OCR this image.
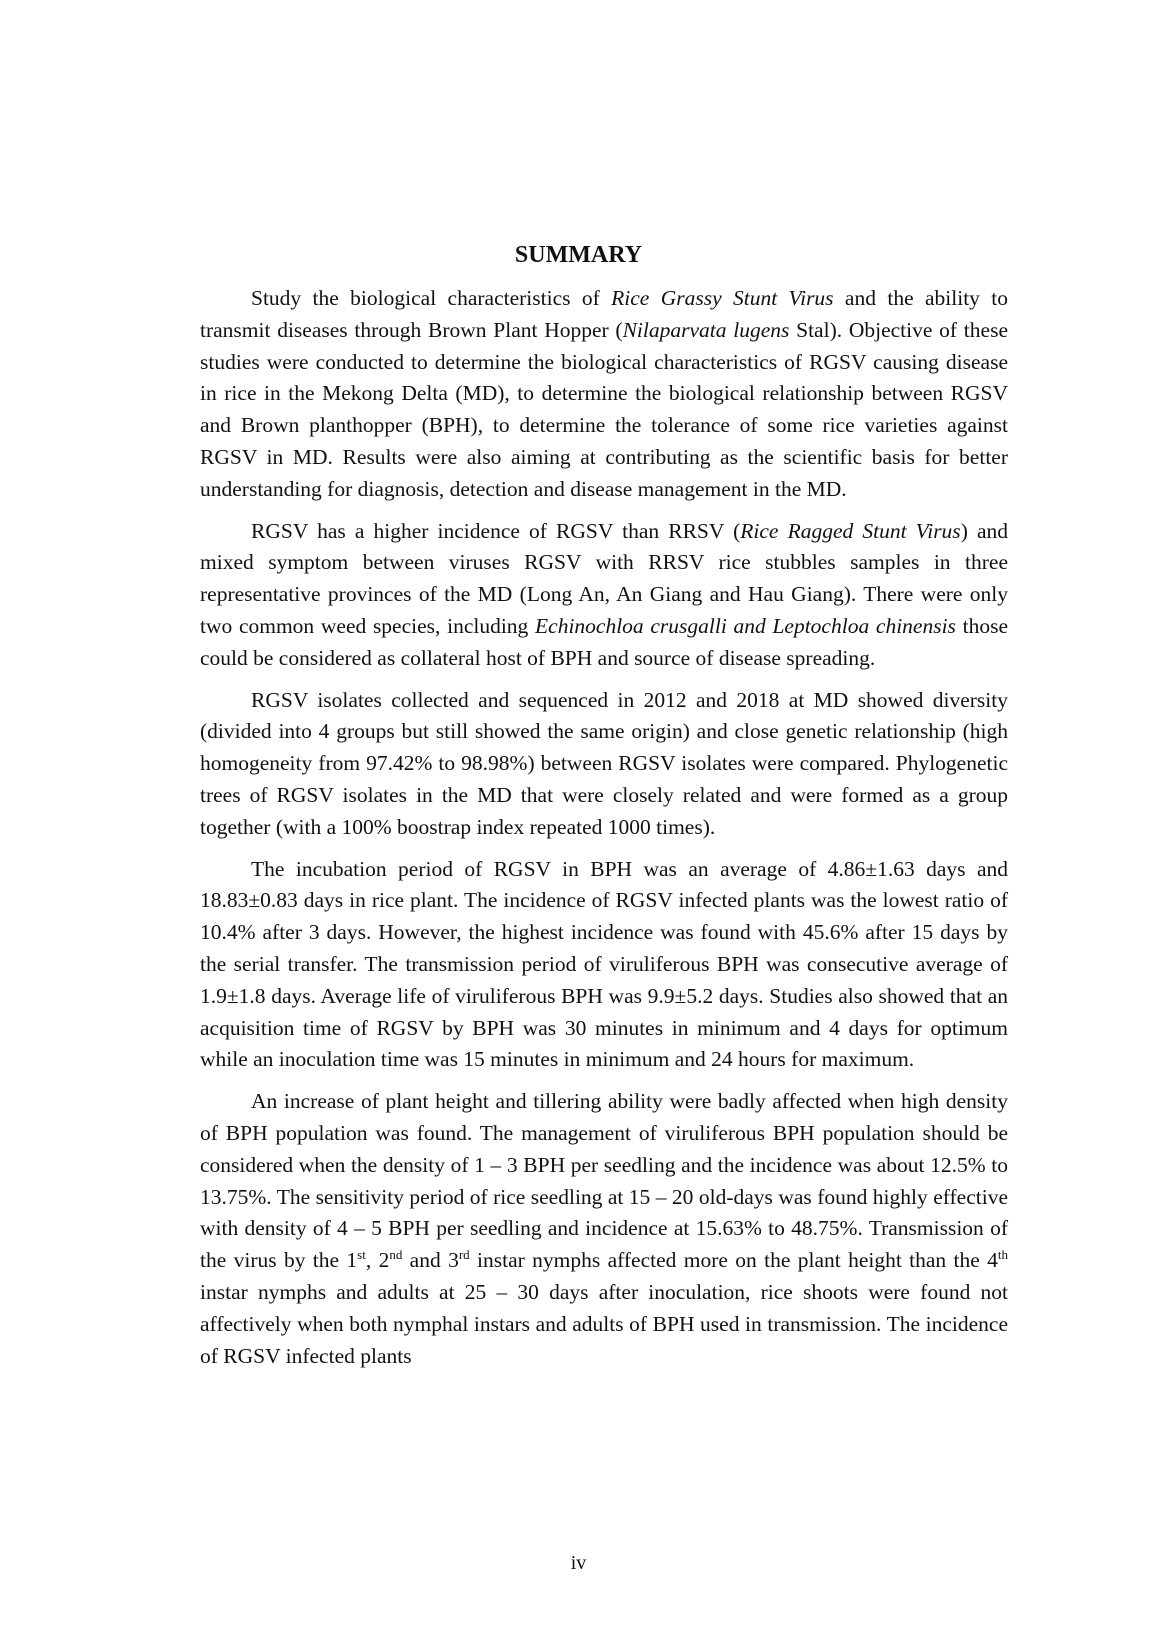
SUMMARY

Study the biological characteristics of Rice Grassy Stunt Virus and the ability to transmit diseases through Brown Plant Hopper (Nilaparvata lugens Stal). Objective of these studies were conducted to determine the biological characteristics of RGSV causing disease in rice in the Mekong Delta (MD), to determine the biological relationship between RGSV and Brown planthopper (BPH), to determine the tolerance of some rice varieties against RGSV in MD. Results were also aiming at contributing as the scientific basis for better understanding for diagnosis, detection and disease management in the MD.

RGSV has a higher incidence of RGSV than RRSV (Rice Ragged Stunt Virus) and mixed symptom between viruses RGSV with RRSV rice stubbles samples in three representative provinces of the MD (Long An, An Giang and Hau Giang). There were only two common weed species, including Echinochloa crusgalli and Leptochloa chinensis those could be considered as collateral host of BPH and source of disease spreading.

RGSV isolates collected and sequenced in 2012 and 2018 at MD showed diversity (divided into 4 groups but still showed the same origin) and close genetic relationship (high homogeneity from 97.42% to 98.98%) between RGSV isolates were compared. Phylogenetic trees of RGSV isolates in the MD that were closely related and were formed as a group together (with a 100% boostrap index repeated 1000 times).

The incubation period of RGSV in BPH was an average of 4.86±1.63 days and 18.83±0.83 days in rice plant. The incidence of RGSV infected plants was the lowest ratio of 10.4% after 3 days. However, the highest incidence was found with 45.6% after 15 days by the serial transfer. The transmission period of viruliferous BPH was consecutive average of 1.9±1.8 days. Average life of viruliferous BPH was 9.9±5.2 days. Studies also showed that an acquisition time of RGSV by BPH was 30 minutes in minimum and 4 days for optimum while an inoculation time was 15 minutes in minimum and 24 hours for maximum.

An increase of plant height and tillering ability were badly affected when high density of BPH population was found. The management of viruliferous BPH population should be considered when the density of 1 – 3 BPH per seedling and the incidence was about 12.5% to 13.75%. The sensitivity period of rice seedling at 15 – 20 old-days was found highly effective with density of 4 – 5 BPH per seedling and incidence at 15.63% to 48.75%. Transmission of the virus by the 1st, 2nd and 3rd instar nymphs affected more on the plant height than the 4th instar nymphs and adults at 25 – 30 days after inoculation, rice shoots were found not affectively when both nymphal instars and adults of BPH used in transmission. The incidence of RGSV infected plants

iv
